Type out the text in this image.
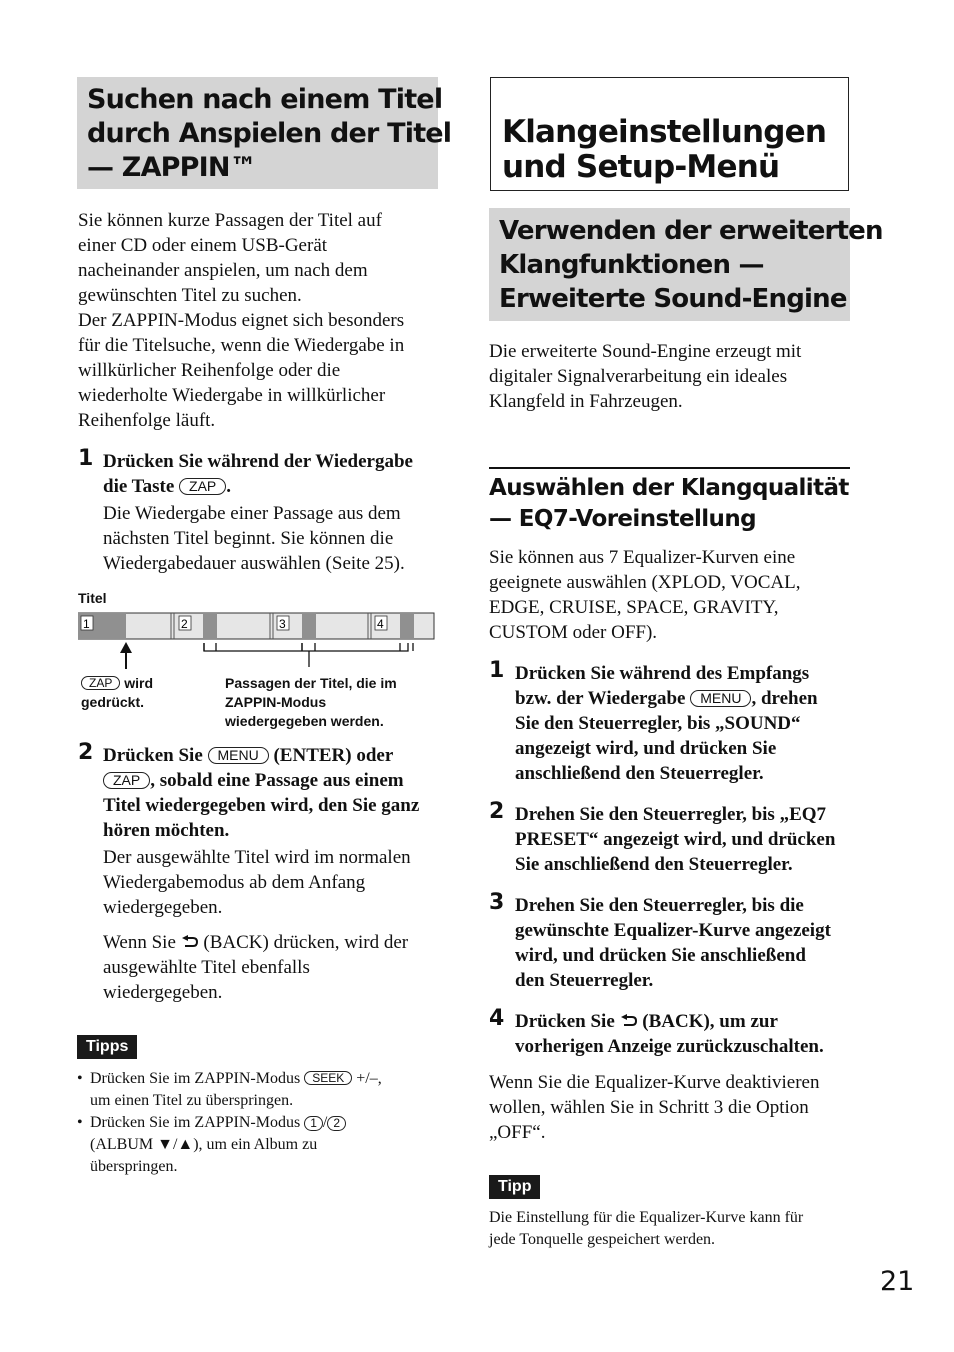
Suchen nach einem Titel
durch Anspielen der Titel
— ZAPPIN™
Sie können kurze Passagen der Titel auf
einer CD oder einem USB-Gerät
nacheinander anspielen, um nach dem
gewünschten Titel zu suchen.
Der ZAPPIN-Modus eignet sich besonders
für die Titelsuche, wenn die Wiedergabe in
willkürlicher Reihenfolge oder die
wiederholte Wiedergabe in willkürlicher
Reihenfolge läuft.
1 Drücken Sie während der Wiedergabe
die Taste ZAP .
Die Wiedergabe einer Passage aus dem
nächsten Titel beginnt. Sie können die
Wiedergabedauer auswählen (Seite 25).
Titel
1	2	3	4
ZAP wird
gedrückt.
Passagen der Titel, die im
ZAPPIN-Modus
wiedergegeben werden.
2 Drücken Sie MENU (ENTER) oder
ZAP , sobald eine Passage aus einem
Titel wiedergegeben wird, den Sie ganz
hören möchten.
Der ausgewählte Titel wird im normalen
Wiedergabemodus ab dem Anfang
wiedergegeben.
Wenn Sie (BACK) drücken, wird der
ausgewählte Titel ebenfalls
wiedergegeben.
Tipps
• Drücken Sie im ZAPPIN-Modus SEEK +/–,
um einen Titel zu überspringen.
• Drücken Sie im ZAPPIN-Modus 1 / 2
(ALBUM ▼/▲), um ein Album zu
überspringen.
Klangeinstellungen
und Setup-Menü
Verwenden der erweiterten
Klangfunktionen —
Erweiterte Sound-Engine
Die erweiterte Sound-Engine erzeugt mit
digitaler Signalverarbeitung ein ideales
Klangfeld in Fahrzeugen.
Auswählen der Klangqualität
— EQ7-Voreinstellung
Sie können aus 7 Equalizer-Kurven eine
geeignete auswählen (XPLOD, VOCAL,
EDGE, CRUISE, SPACE, GRAVITY,
CUSTOM oder OFF).
1 Drücken Sie während des Empfangs
bzw. der Wiedergabe MENU , drehen
Sie den Steuerregler, bis „SOUND“
angezeigt wird, und drücken Sie
anschließend den Steuerregler.
2 Drehen Sie den Steuerregler, bis „EQ7
PRESET“ angezeigt wird, und drücken
Sie anschließend den Steuerregler.
3 Drehen Sie den Steuerregler, bis die
gewünschte Equalizer-Kurve angezeigt
wird, und drücken Sie anschließend
den Steuerregler.
4 Drücken Sie (BACK), um zur
vorherigen Anzeige zurückzuschalten.
Wenn Sie die Equalizer-Kurve deaktivieren
wollen, wählen Sie in Schritt 3 die Option
„OFF“.
Tipp
Die Einstellung für die Equalizer-Kurve kann für
jede Tonquelle gespeichert werden.
21
